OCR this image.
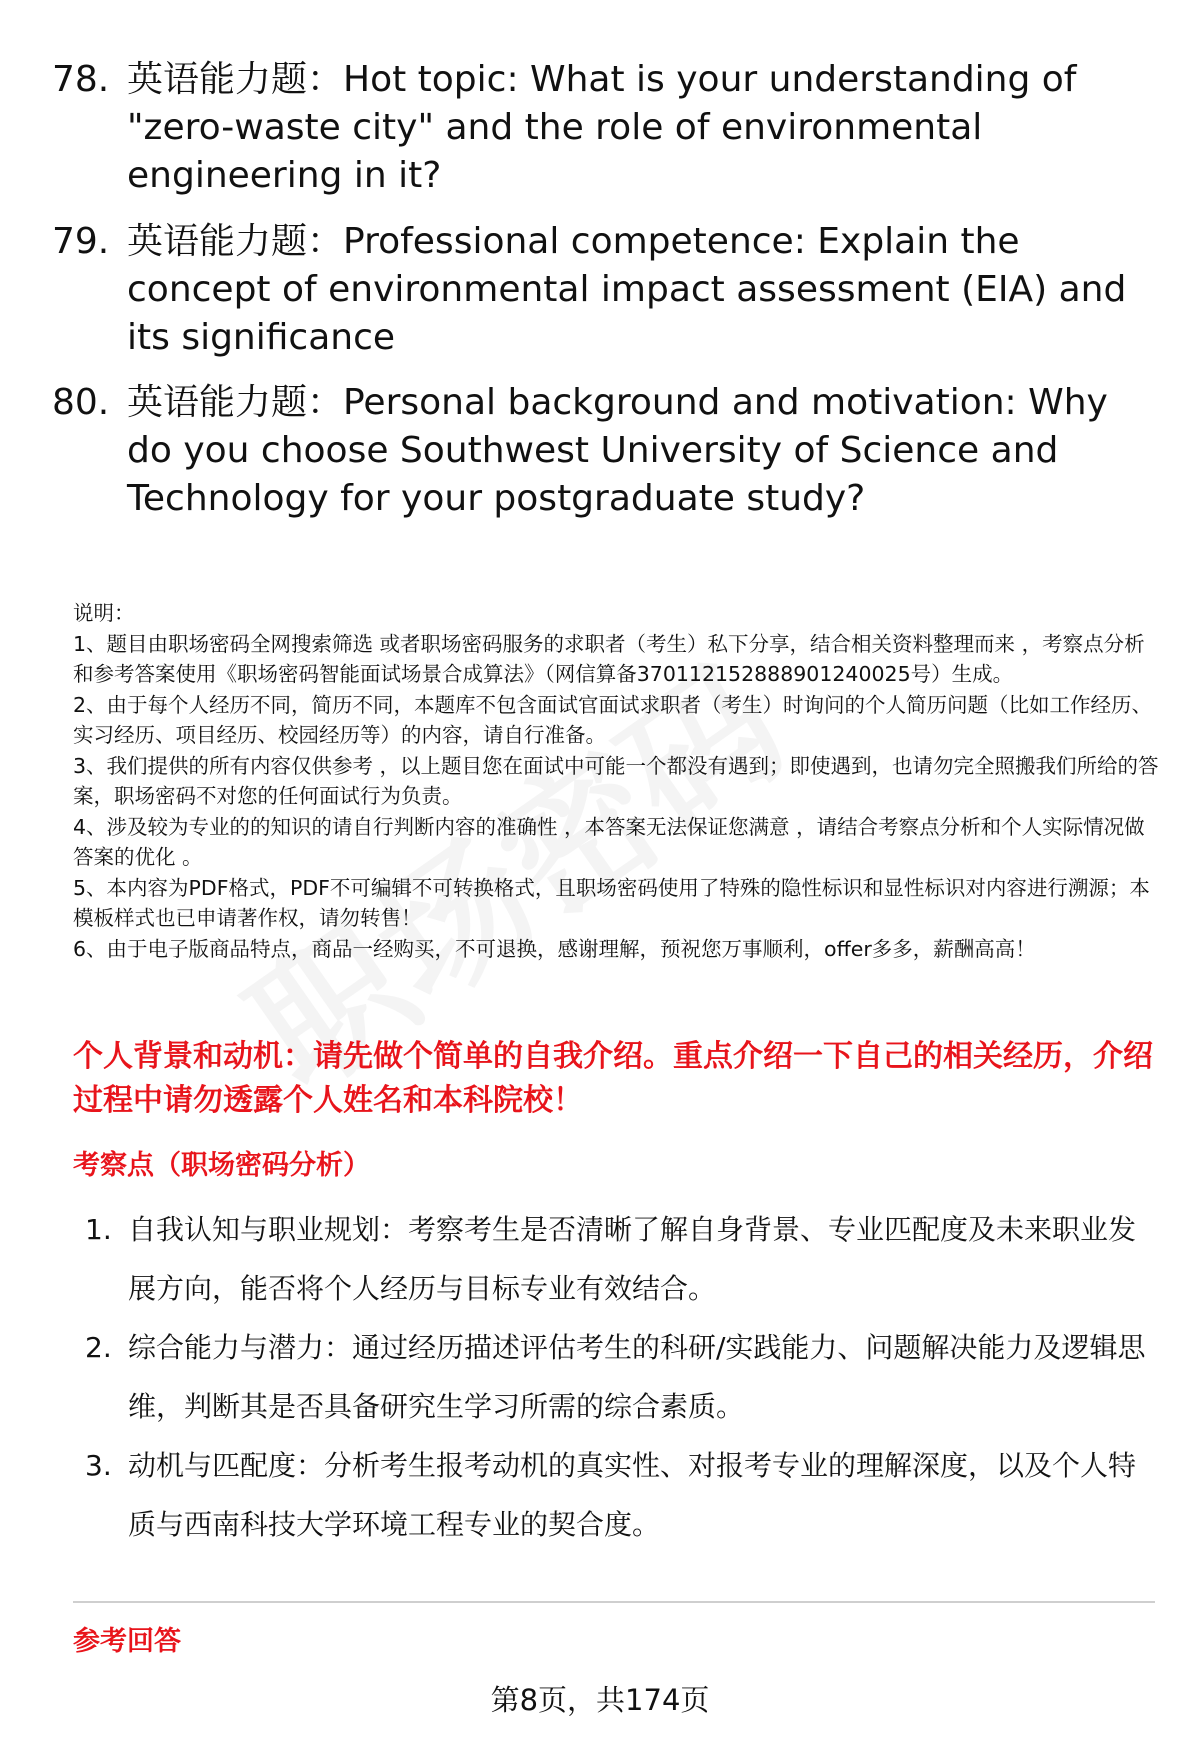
78. 英语能力题：Hot topic: What is your understanding of "zero-waste city" and the role of environmental engineering in it?
79. 英语能力题：Professional competence: Explain the concept of environmental impact assessment (EIA) and its significance
80. 英语能力题：Personal background and motivation: Why do you choose Southwest University of Science and Technology for your postgraduate study?
说明：
1、题目由职场密码全网搜索筛选 或者职场密码服务的求职者（考生）私下分享，结合相关资料整理而来 ，考察点分析和参考答案使用《职场密码智能面试场景合成算法》（网信算备370112152888901240025号）生成。
2、由于每个人经历不同，简历不同，本题库不包含面试官面试求职者（考生）时询问的个人简历问题（比如工作经历、实习经历、项目经历、校园经历等）的内容，请自行准备。
3、我们提供的所有内容仅供参考 ，以上题目您在面试中可能一个都没有遇到；即使遇到，也请勿完全照搬我们所给的答案，职场密码不对您的任何面试行为负责。
4、涉及较为专业的的知识的请自行判断内容的准确性 ，本答案无法保证您满意 ，请结合考察点分析和个人实际情况做答案的优化 。
5、本内容为PDF格式，PDF不可编辑不可转换格式，且职场密码使用了特殊的隐性标识和显性标识对内容进行溯源；本模板样式也已申请著作权，请勿转售！
6、由于电子版商品特点，商品一经购买，不可退换，感谢理解，预祝您万事顺利，offer多多，薪酬高高！
个人背景和动机：请先做个简单的自我介绍。重点介绍一下自己的相关经历，介绍过程中请勿透露个人姓名和本科院校！
考察点（职场密码分析）
1. 自我认知与职业规划：考察考生是否清晰了解自身背景、专业匹配度及未来职业发展方向，能否将个人经历与目标专业有效结合。
2. 综合能力与潜力：通过经历描述评估考生的科研/实践能力、问题解决能力及逻辑思维，判断其是否具备研究生学习所需的综合素质。
3. 动机与匹配度：分析考生报考动机的真实性、对报考专业的理解深度，以及个人特质与西南科技大学环境工程专业的契合度。
参考回答
第8页，共174页
